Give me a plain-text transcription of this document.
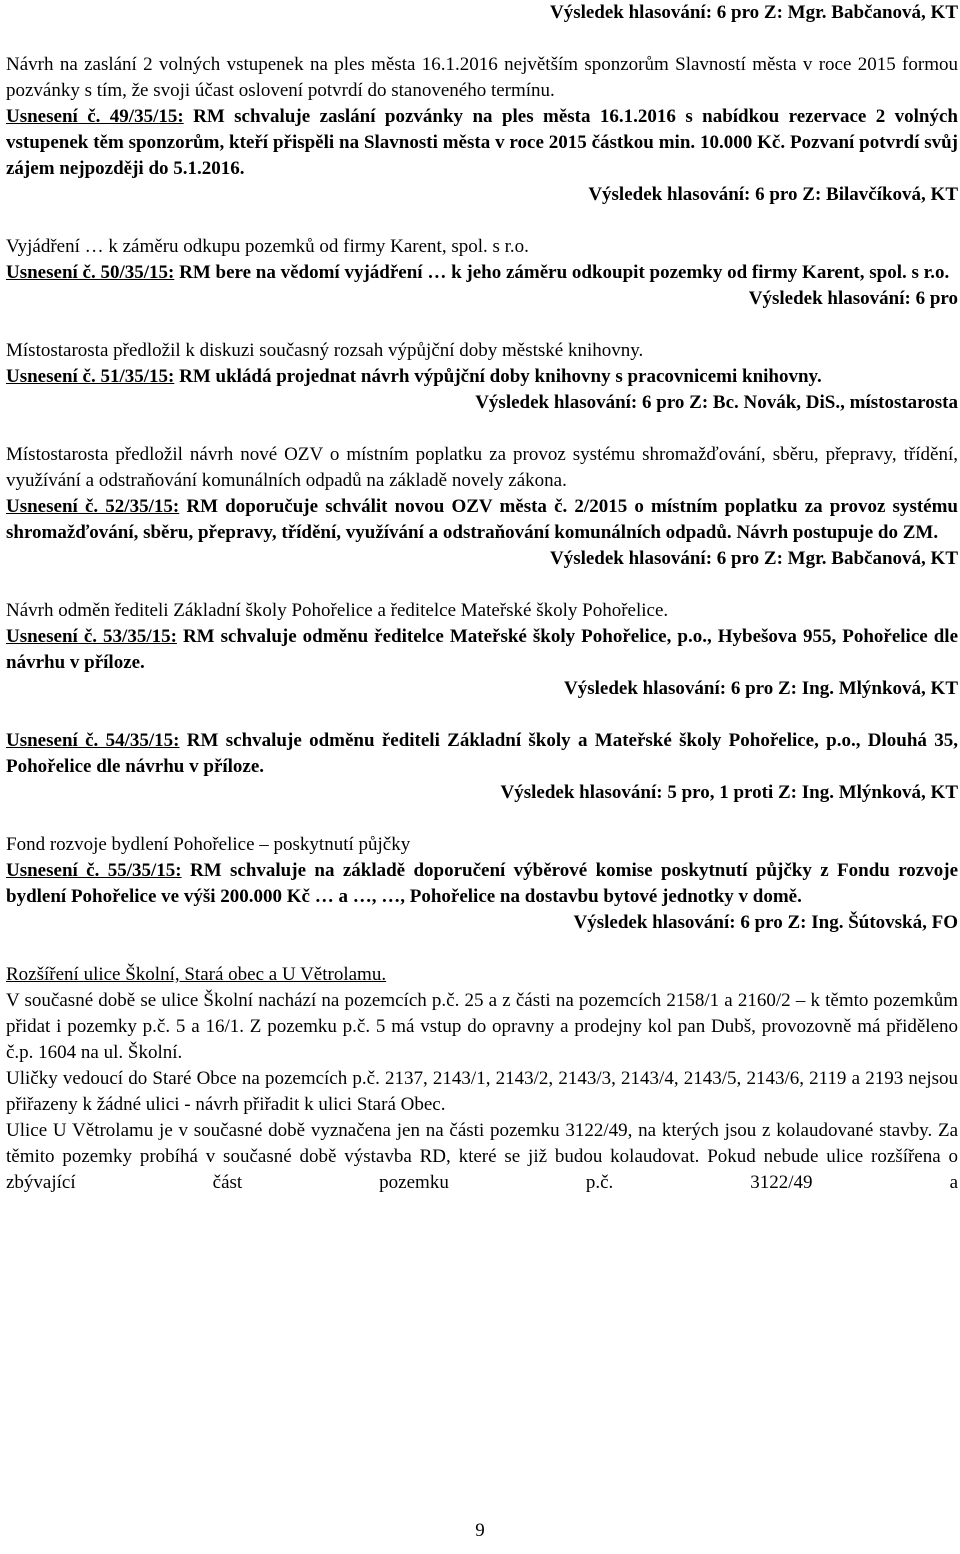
Výsledek hlasování: 6 pro Z: Mgr. Babčanová, KT

Návrh na zaslání 2 volných vstupenek na ples města 16.1.2016 největším sponzorům Slavností města v roce 2015 formou pozvánky s tím, že svoji účast oslovení potvrdí do stanoveného termínu.

Usnesení č. 49/35/15: RM schvaluje zaslání pozvánky na ples města 16.1.2016 s nabídkou rezervace 2 volných vstupenek těm sponzorům, kteří přispěli na Slavnosti města v roce 2015 částkou min. 10.000 Kč. Pozvaní potvrdí svůj zájem nejpozději do 5.1.2016.

Výsledek hlasování: 6 pro Z: Bilavčíková, KT

Vyjádření … k záměru odkupu pozemků od firmy Karent, spol. s r.o.

Usnesení č. 50/35/15: RM bere na vědomí vyjádření … k jeho záměru odkoupit pozemky od firmy Karent, spol. s r.o.

Výsledek hlasování: 6 pro

Místostarosta předložil k diskuzi současný rozsah výpůjční doby městské knihovny.

Usnesení č. 51/35/15: RM ukládá projednat návrh výpůjční doby knihovny s pracovnicemi knihovny.

Výsledek hlasování: 6 pro Z: Bc. Novák, DiS., místostarosta

Místostarosta předložil návrh nové OZV o místním poplatku za provoz systému shromažďování, sběru, přepravy, třídění, využívání a odstraňování komunálních odpadů na základě novely zákona.

Usnesení č. 52/35/15: RM doporučuje schválit novou OZV města č. 2/2015 o místním poplatku za provoz systému shromažďování, sběru, přepravy, třídění, využívání a odstraňování komunálních odpadů. Návrh postupuje do ZM.

Výsledek hlasování: 6 pro Z: Mgr. Babčanová, KT

Návrh odměn řediteli Základní školy Pohořelice a ředitelce Mateřské školy Pohořelice.

Usnesení č. 53/35/15: RM schvaluje odměnu ředitelce Mateřské školy Pohořelice, p.o., Hybešova 955, Pohořelice dle návrhu v příloze.

Výsledek hlasování: 6 pro Z: Ing. Mlýnková, KT

Usnesení č. 54/35/15: RM schvaluje odměnu řediteli Základní školy a Mateřské školy Pohořelice, p.o., Dlouhá 35, Pohořelice dle návrhu v příloze.

Výsledek hlasování: 5 pro, 1 proti Z: Ing. Mlýnková, KT

Fond rozvoje bydlení Pohořelice – poskytnutí půjčky

Usnesení č. 55/35/15: RM schvaluje na základě doporučení výběrové komise poskytnutí půjčky z Fondu rozvoje bydlení Pohořelice ve výši 200.000 Kč … a …, …, Pohořelice na dostavbu bytové jednotky v domě.

Výsledek hlasování: 6 pro Z: Ing. Šútovská, FO

Rozšíření ulice Školní, Stará obec a U Větrolamu.

V současné době se ulice Školní nachází na pozemcích p.č. 25 a z části na pozemcích 2158/1 a 2160/2 – k těmto pozemkům přidat i pozemky p.č. 5 a 16/1. Z pozemku p.č. 5 má vstup do opravny a prodejny kol pan Dubš, provozovně má přiděleno č.p. 1604 na ul. Školní.

Uličky vedoucí do Staré Obce na pozemcích p.č. 2137, 2143/1, 2143/2, 2143/3, 2143/4, 2143/5, 2143/6, 2119 a 2193 nejsou přiřazeny k žádné ulici - návrh přiřadit k ulici Stará Obec.

Ulice U Větrolamu je v současné době vyznačena jen na části pozemku 3122/49, na kterých jsou z kolaudované stavby. Za těmito pozemky probíhá v současné době výstavba RD, které se již budou kolaudovat. Pokud nebude ulice rozšířena o zbývající část pozemku p.č. 3122/49 a

9
